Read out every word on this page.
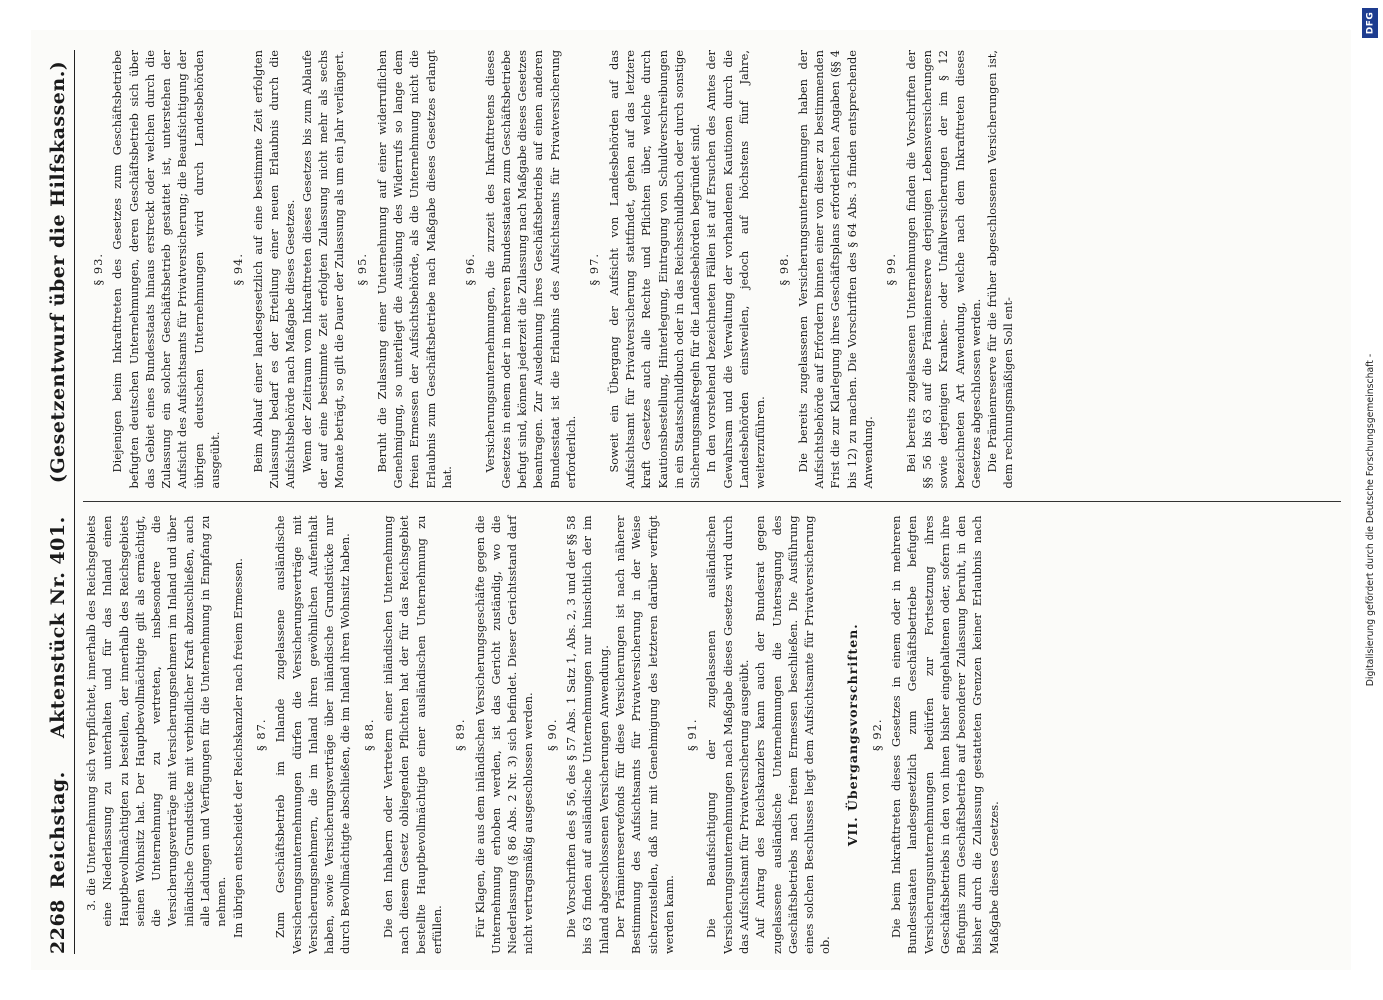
2268
Reichstag. Aktenstück Nr. 401. (Gesetzentwurf über die Hilfskassen.)

3. die Unternehmung sich verpflichtet, innerhalb des Reichsgebiets eine Niederlassung zu unterhalten und für das Inland einen Hauptbevollmächtigten zu bestellen, der innerhalb des Reichsgebiets seinen Wohnsitz hat. Der Hauptbevollmächtigte gilt als ermächtigt, die Unternehmung zu vertreten, insbesondere die Versicherungsverträge mit Versicherungsnehmern im Inland und über inländische Grundstücke mit verbindlicher Kraft abzuschließen, auch alle Ladungen und Verfügungen für die Unternehmung in Empfang zu nehmen. Im übrigen entscheidet der Reichskanzler nach freiem Ermessen. § 87. Zum Geschäftsbetrieb im Inlande zugelassene ausländische Versicherungsunternehmungen dürfen die Versicherungsverträge mit Versicherungsnehmern, die im Inland ihren gewöhnlichen Aufenthalt haben, sowie Versicherungsverträge über inländische Grundstücke nur durch Bevollmächtigte abschließen, die im Inland ihren Wohnsitz haben. § 88. Die den Inhabern oder Vertretern einer inländischen Unternehmung nach diesem Gesetz obliegenden Pflichten hat der für das Reichsgebiet bestellte Hauptbevollmächtigte einer ausländischen Unternehmung zu erfüllen.

§ 89. Für Klagen, die aus dem inländischen Versicherungsgeschäfte gegen die Unternehmung erhoben werden, ist das Gericht zuständig, wo die Niederlassung (§ 86 Abs. 2 Nr. 3) sich befindet. Dieser Gerichtsstand darf nicht vertragsmäßig ausgeschlossen werden. § 90. Die Vorschriften des § 56, des § 57 Abs. 1 Satz 1, Abs. 2, 3 und der §§ 58 bis 63 finden auf ausländische Unternehmungen nur hinsichtlich der im Inland abgeschlossenen Versicherungen Anwendung. Der Prämienreservefonds für diese Versicherungen ist nach näherer Bestimmung des Aufsichtsamts für Privatversicherung in der Weise sicherzustellen, daß nur mit Genehmigung des letzteren darüber verfügt werden kann.

§ 91. Die Beaufsichtigung der zugelassenen ausländischen Versicherungsunternehmungen nach Maßgabe dieses Gesetzes wird durch das Aufsichtsamt für Privatversicherung ausgeübt. Auf Antrag des Reichskanzlers kann auch der Bundesrat gegen zugelassene ausländische Unternehmungen die Untersagung des Geschäftsbetriebs nach freiem Ermessen beschließen. Die Ausführung eines solchen Beschlusses liegt dem Aufsichtsamte für Privatversicherung ob.

VII. Übergangsvorschriften. § 92. Die beim Inkrafttreten dieses Gesetzes in einem oder in mehreren Bundesstaaten landesgesetzlich zum Geschäftsbetriebe befugten Versicherungsunternehmungen bedürfen zur Fortsetzung ihres Geschäftsbetriebs in den von ihnen bisher eingehaltenen oder, sofern ihre Befugnis zum Geschäftsbetrieb auf besonderer Zulassung beruht, in den bisher durch die Zulassung gestatteten Grenzen keiner Erlaubnis nach Maßgabe dieses Gesetzes.

§ 93. Diejenigen beim Inkrafttreten des Gesetzes zum Geschäftsbetriebe befugten deutschen Unternehmungen, deren Geschäftsbetrieb sich über das Gebiet eines Bundesstaats hinaus erstreckt oder welchen durch die Zulassung ein solcher Geschäftsbetrieb gestattet ist, unterstehen der Aufsicht des Aufsichtsamts für Privatversicherung; die Beaufsichtigung der übrigen deutschen Unternehmungen wird durch Landesbehörden ausgeübt.

§ 94. Beim Ablauf einer landesgesetzlich auf eine bestimmte Zeit erfolgten Zulassung bedarf es der Erteilung einer neuen Erlaubnis durch die Aufsichtsbehörde nach Maßgabe dieses Gesetzes. Wenn der Zeitraum vom Inkrafttreten dieses Gesetzes bis zum Ablaufe der auf eine bestimmte Zeit erfolgten Zulassung nicht mehr als sechs Monate beträgt, so gilt die Dauer der Zulassung als um ein Jahr verlängert. § 95. Beruht die Zulassung einer Unternehmung auf einer widerruflichen Genehmigung, so unterliegt die Ausübung des Widerrufs so lange dem freien Ermessen der Aufsichtsbehörde, als die Unternehmung nicht die Erlaubnis zum Geschäftsbetriebe nach Maßgabe dieses Gesetzes erlangt hat.

§ 96. Versicherungsunternehmungen, die zurzeit des Inkrafttretens dieses Gesetzes in einem oder in mehreren Bundesstaaten zum Geschäftsbetriebe befugt sind, können jederzeit die Zulassung nach Maßgabe dieses Gesetzes beantragen. Zur Ausdehnung ihres Geschäftsbetriebs auf einen anderen Bundesstaat ist die Erlaubnis des Aufsichtsamts für Privatversicherung erforderlich.

§ 97. Soweit ein Übergang der Aufsicht von Landesbehörden auf das Aufsichtsamt für Privatversicherung stattfindet, gehen auf das letztere kraft Gesetzes auch alle Rechte und Pflichten über, welche durch Kautionsbestellung, Hinterlegung, Eintragung von Schuldverschreibungen in ein Staatsschuldbuch oder in das Reichsschuldbuch oder durch sonstige Sicherungsmaßregeln für die Landesbehörden begründet sind. In den vorstehend bezeichneten Fällen ist auf Ersuchen des Amtes der Gewahrsam und die Verwaltung der vorhandenen Kautionen durch die Landesbehörden einstweilen, jedoch auf höchstens fünf Jahre, weiterzuführen.

§ 98. Die bereits zugelassenen Versicherungsunternehmungen haben der Aufsichtsbehörde auf Erfordern binnen einer von dieser zu bestimmenden Frist die zur Klarlegung ihres Geschäftsplans erforderlichen Angaben (§§ 4 bis 12) zu machen. Die Vorschriften des § 64 Abs. 3 finden entsprechende Anwendung.

§ 99. Bei bereits zugelassenen Unternehmungen finden die Vorschriften der §§ 56 bis 63 auf die Prämienreserve derjenigen Lebensversicherungen sowie derjenigen Kranken- oder Unfallversicherungen der im § 12 bezeichneten Art Anwendung, welche nach dem Inkrafttreten dieses Gesetzes abgeschlossen werden. Die Prämienreserve für die früher abgeschlossenen Versicherungen ist, dem rechnungsmäßigen Soll ent-

DFG
Digitalisierung gefördert durch die Deutsche Forschungsgemeinschaft -
